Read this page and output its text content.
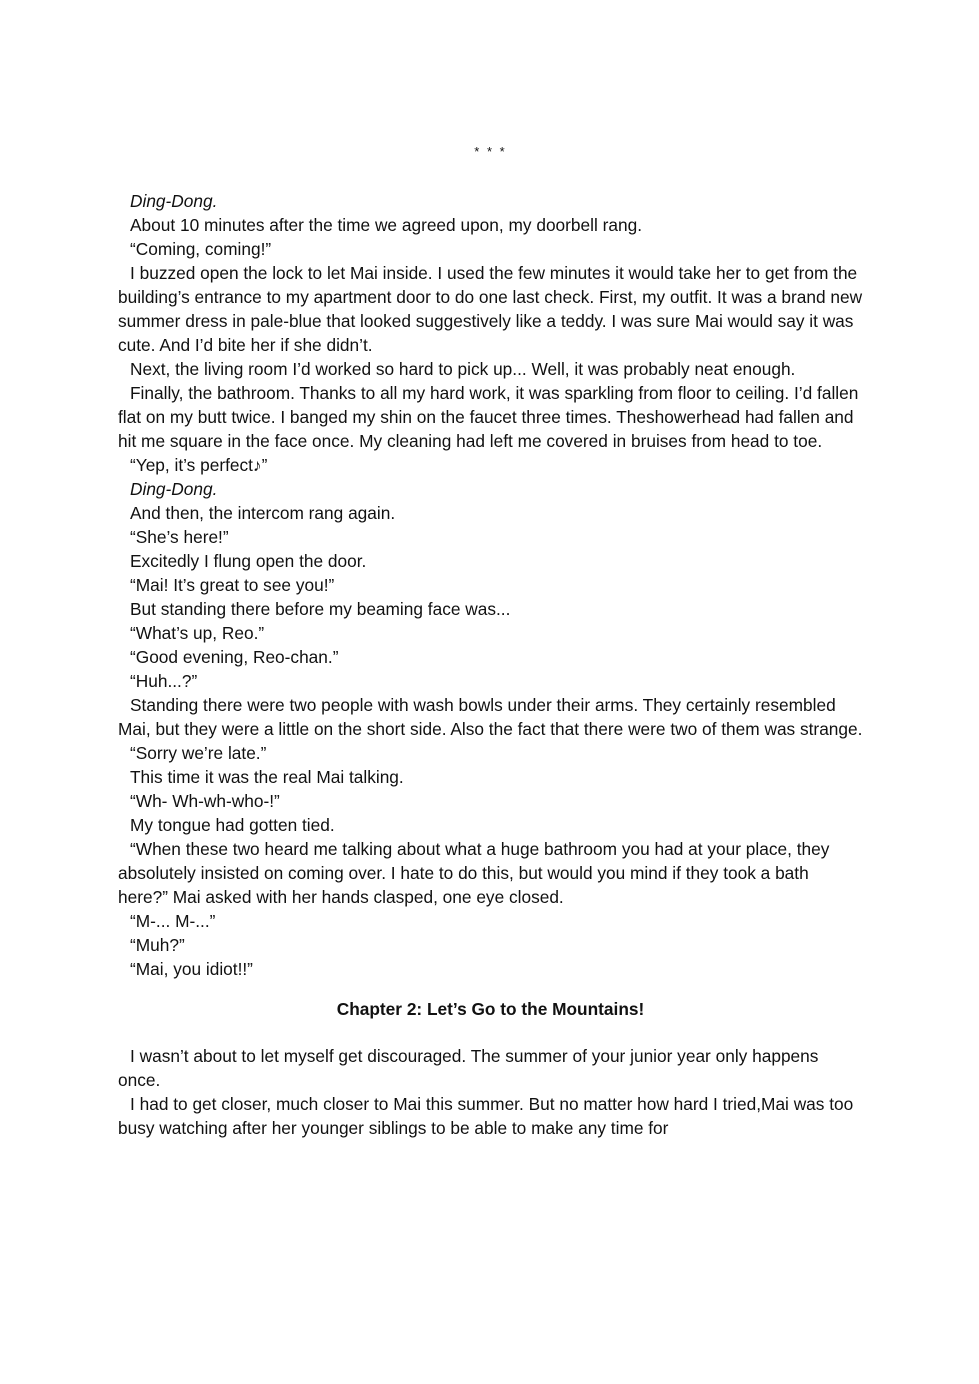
* * *

Ding-Dong.

About 10 minutes after the time we agreed upon, my doorbell rang.

“Coming, coming!”

I buzzed open the lock to let Mai inside. I used the few minutes it would take her to get from the building’s entrance to my apartment door to do one last check. First, my outfit. It was a brand new summer dress in pale-blue that looked suggestively like a teddy. I was sure Mai would say it was cute. And I’d bite her if she didn’t.

Next, the living room I’d worked so hard to pick up... Well, it was probably neat enough.

Finally, the bathroom. Thanks to all my hard work, it was sparkling from floor to ceiling. I’d fallen flat on my butt twice. I banged my shin on the faucet three times. Theshowerhead had fallen and hit me square in the face once. My cleaning had left me covered in bruises from head to toe.

“Yep, it’s perfect♪”

Ding-Dong.

And then, the intercom rang again.

“She’s here!”

Excitedly I flung open the door.

“Mai! It’s great to see you!”

But standing there before my beaming face was...

“What’s up, Reo.”

“Good evening, Reo-chan.”

“Huh...?”

Standing there were two people with wash bowls under their arms. They certainly resembled Mai, but they were a little on the short side. Also the fact that there were two of them was strange.

“Sorry we’re late.”

This time it was the real Mai talking.

“Wh- Wh-wh-who-!”

My tongue had gotten tied.

“When these two heard me talking about what a huge bathroom you had at your place, they absolutely insisted on coming over. I hate to do this, but would you mind if they took a bath here?” Mai asked with her hands clasped, one eye closed.

“M-... M-...”

“Muh?”

“Mai, you idiot!!”

Chapter 2: Let’s Go to the Mountains!

I wasn’t about to let myself get discouraged. The summer of your junior year only happens once.

I had to get closer, much closer to Mai this summer. But no matter how hard I tried,Mai was too busy watching after her younger siblings to be able to make any time for
